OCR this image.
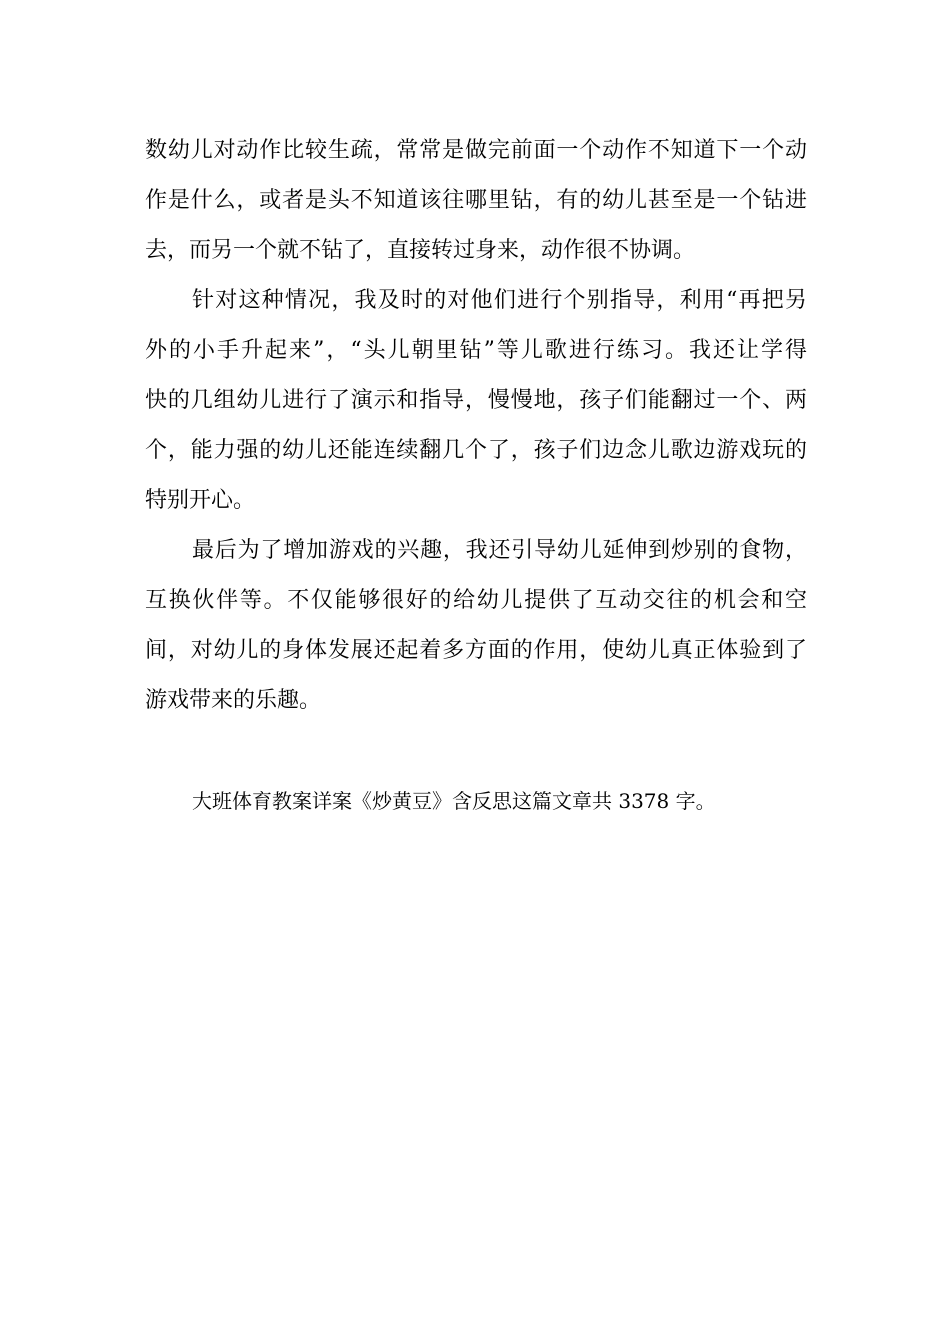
数幼儿对动作比较生疏，常常是做完前面一个动作不知道下一个动
作是什么，或者是头不知道该往哪里钻，有的幼儿甚至是一个钻进
去，而另一个就不钻了，直接转过身来，动作很不协调。
针对这种情况，我及时的对他们进行个别指导，利用“再把另
外的小手升起来”，“头儿朝里钻”等儿歌进行练习。我还让学得
快的几组幼儿进行了演示和指导，慢慢地，孩子们能翻过一个、两
个，能力强的幼儿还能连续翻几个了，孩子们边念儿歌边游戏玩的
特别开心。
最后为了增加游戏的兴趣，我还引导幼儿延伸到炒别的食物，
互换伙伴等。不仅能够很好的给幼儿提供了互动交往的机会和空
间，对幼儿的身体发展还起着多方面的作用，使幼儿真正体验到了
游戏带来的乐趣。
大班体育教案详案《炒黄豆》含反思这篇文章共 3378 字。
